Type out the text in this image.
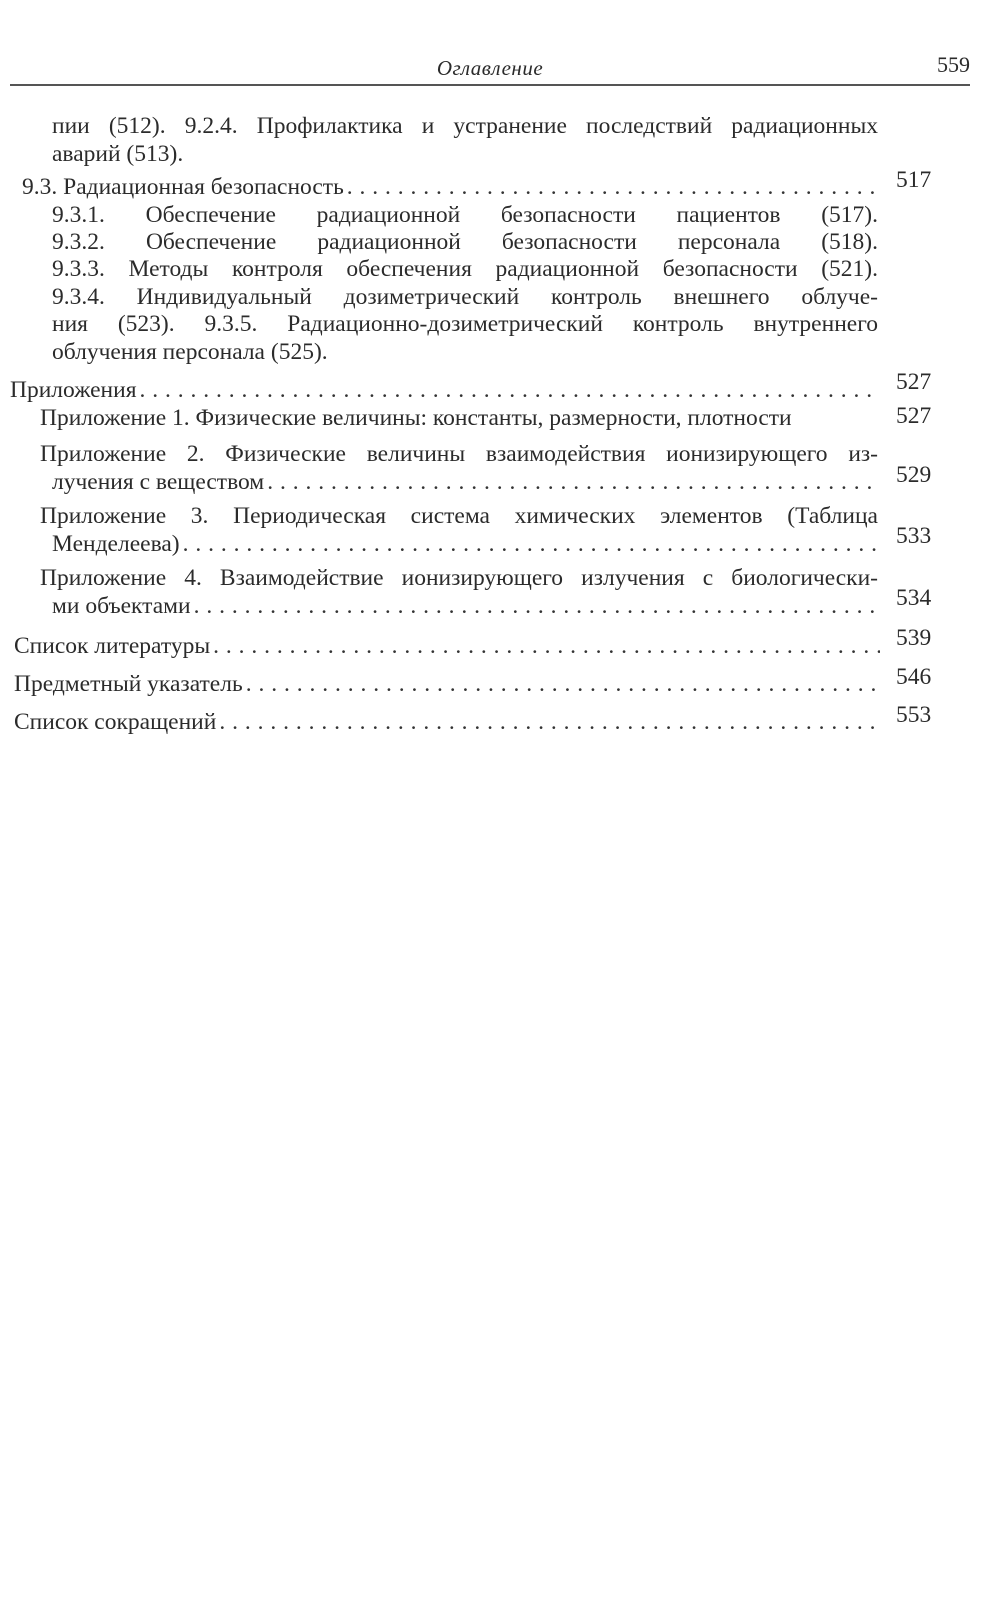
Оглавление	559
пии (512). 9.2.4. Профилактика и устранение последствий радиационных
аварий (513).
9.3. Радиационная безопасность . . .	517
9.3.1. Обеспечение радиационной безопасности пациентов (517).
9.3.2. Обеспечение радиационной безопасности персонала (518).
9.3.3. Методы контроля обеспечения радиационной безопасности (521).
9.3.4. Индивидуальный дозиметрический контроль внешнего облуче-
ния (523). 9.3.5. Радиационно-дозиметрический контроль внутреннего
облучения персонала (525).
Приложения . . .	527
Приложение 1. Физические величины: константы, размерности, плотности	527
Приложение 2. Физические величины взаимодействия ионизирующего из-
лучения с веществом . . .	529
Приложение 3. Периодическая система химических элементов (Таблица
Менделеева) . . .	533
Приложение 4. Взаимодействие ионизирующего излучения с биологически-
ми объектами . . .	534
Список литературы . . .	539
Предметный указатель . . .	546
Список сокращений . . .	553
